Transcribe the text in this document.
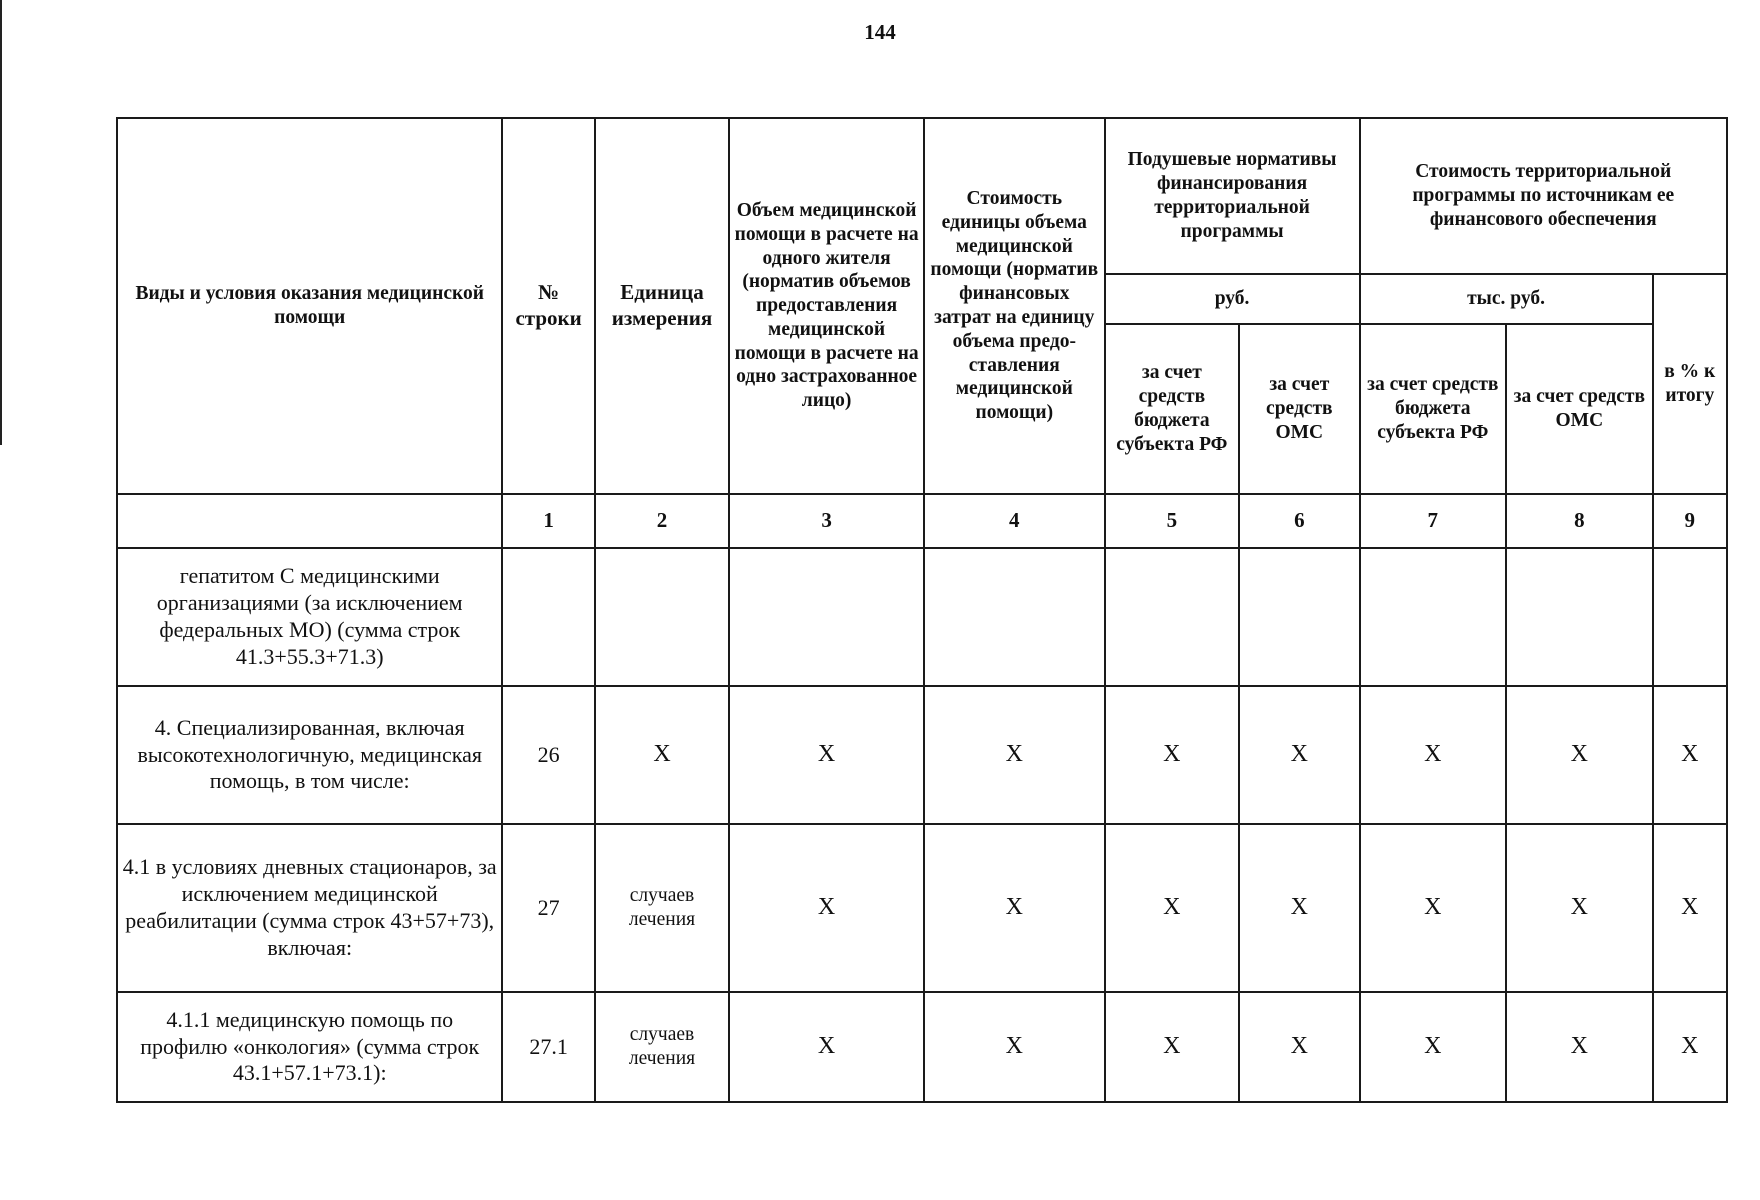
144
Виды и условия оказания медицинской помощи	№ строки	Единица измерения	Объем медицинской помощи в расчете на одного жителя (норматив объемов предоставления медицинской помощи в расчете на одно застрахованное лицо)	Стоимость единицы объема медицинской помощи (норматив финансовых затрат на единицу объема предо-ставления медицинской помощи)	Подушевые нормативы финансирования территориальной программы		Стоимость территориальной программы по источникам ее финансового обеспечения		
					руб.		тыс. руб.		в % к итогу
					за счет средств бюджета субъекта РФ	за счет средств ОМС	за счет средств бюджета субъекта РФ	за счет средств ОМС	
	1	2	3	4	5	6	7	8	9
гепатитом С медицинскими организациями (за исключением федеральных МО) (сумма строк 41.3+55.3+71.3)									
4. Специализированная, включая высокотехнологичную, медицинская помощь, в том числе:	26	X	X	X	X	X	X	X	X
4.1 в условиях дневных стационаров, за исключением медицинской реабилитации (сумма строк 43+57+73), включая:	27	случаев лечения	X	X	X	X	X	X	X
4.1.1 медицинскую помощь по профилю «онкология» (сумма строк 43.1+57.1+73.1):	27.1	случаев лечения	X	X	X	X	X	X	X
